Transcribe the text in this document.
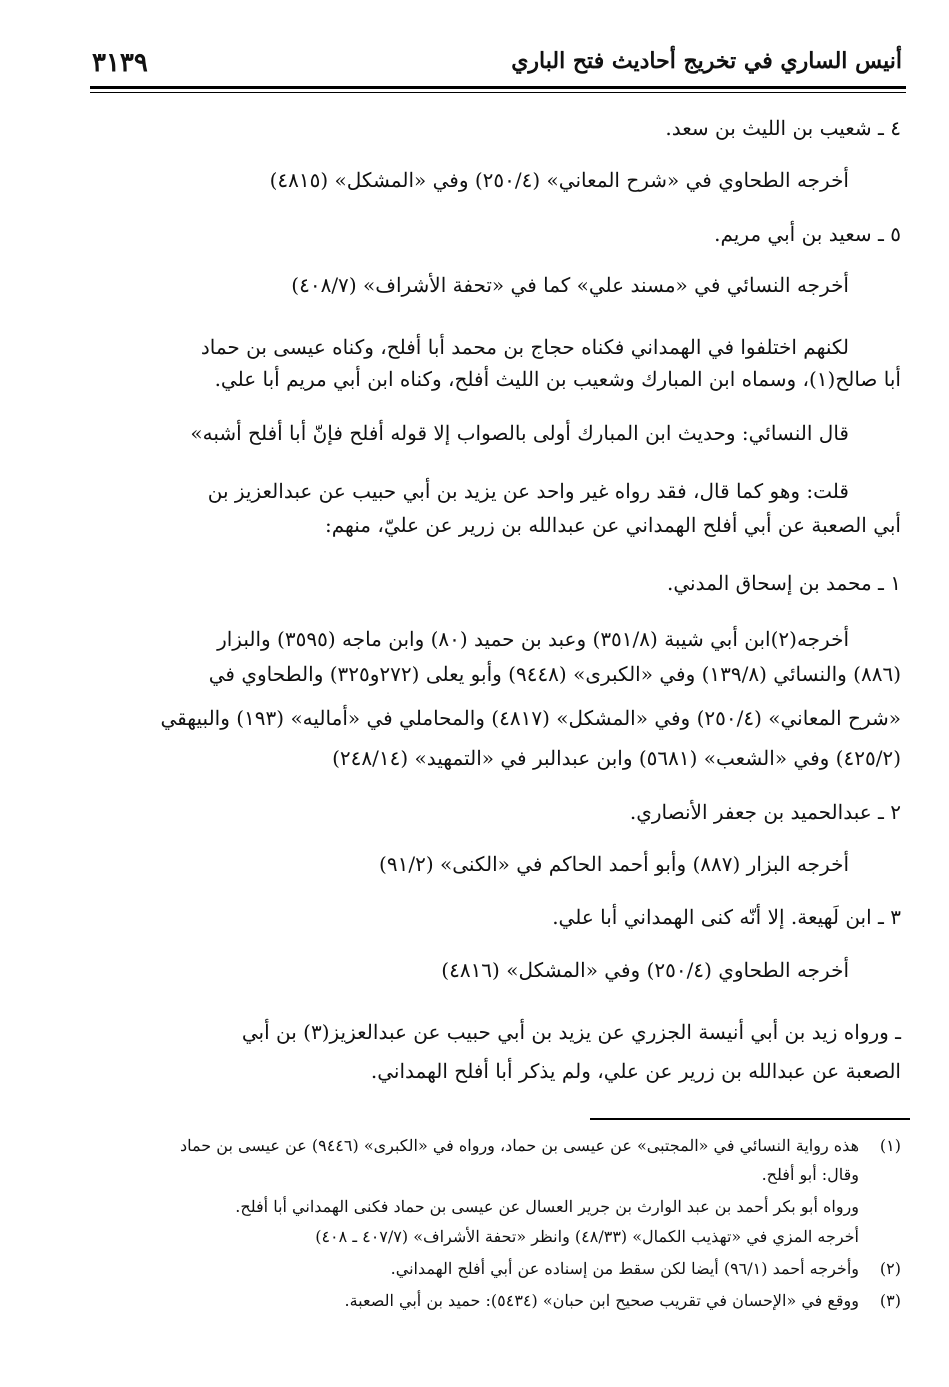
أنيس الساري في تخريج أحاديث فتح الباري
٣١٣٩
٤ ـ شعيب بن الليث بن سعد.
أخرجه الطحاوي في «شرح المعاني» (٢٥٠/٤) وفي «المشكل» (٤٨١٥)
٥ ـ سعيد بن أبي مريم.
أخرجه النسائي في «مسند علي» كما في «تحفة الأشراف» (٤٠٨/٧)
لكنهم اختلفوا في الهمداني فكناه حجاج بن محمد أبا أفلح، وكناه عيسى بن حماد
أبا صالح(١)، وسماه ابن المبارك وشعيب بن الليث أفلح، وكناه ابن أبي مريم أبا علي.
قال النسائي: وحديث ابن المبارك أولى بالصواب إلا قوله أفلح فإنّ أبا أفلح أشبه»
قلت: وهو كما قال، فقد رواه غير واحد عن يزيد بن أبي حبيب عن عبدالعزيز بن
أبي الصعبة عن أبي أفلح الهمداني عن عبدالله بن زرير عن عليّ، منهم:
١ ـ محمد بن إسحاق المدني.
أخرجه(٢)ابن أبي شيبة (٣٥١/٨) وعبد بن حميد (٨٠) وابن ماجه (٣٥٩٥) والبزار
(٨٨٦) والنسائي (١٣٩/٨) وفي «الكبرى» (٩٤٤٨) وأبو يعلى (٢٧٢و٣٢٥) والطحاوي في
«شرح المعاني» (٢٥٠/٤) وفي «المشكل» (٤٨١٧) والمحاملي في «أماليه» (١٩٣) والبيهقي
(٤٢٥/٢) وفي «الشعب» (٥٦٨١) وابن عبدالبر في «التمهيد» (٢٤٨/١٤)
٢ ـ عبدالحميد بن جعفر الأنصاري.
أخرجه البزار (٨٨٧) وأبو أحمد الحاكم في «الكنى» (٩١/٢)
٣ ـ ابن لَهيعة. إلا أنّه كنى الهمداني أبا علي.
أخرجه الطحاوي (٢٥٠/٤) وفي «المشكل» (٤٨١٦)
ـ ورواه زيد بن أبي أنيسة الجزري عن يزيد بن أبي حبيب عن عبدالعزيز(٣) بن أبي
الصعبة عن عبدالله بن زرير عن علي، ولم يذكر أبا أفلح الهمداني.
(١)
هذه رواية النسائي في «المجتبى» عن عيسى بن حماد، ورواه في «الكبرى» (٩٤٤٦) عن عيسى بن حماد
وقال: أبو أفلح.
ورواه أبو بكر أحمد بن عبد الوارث بن جرير العسال عن عيسى بن حماد فكنى الهمداني أبا أفلح.
أخرجه المزي في «تهذيب الكمال» (٤٨/٣٣) وانظر «تحفة الأشراف» (٤٠٧/٧ ـ ٤٠٨)
(٢)
وأخرجه أحمد (٩٦/١) أيضا لكن سقط من إسناده عن أبي أفلح الهمداني.
(٣)
ووقع في «الإحسان في تقريب صحيح ابن حبان» (٥٤٣٤): حميد بن أبي الصعبة.
